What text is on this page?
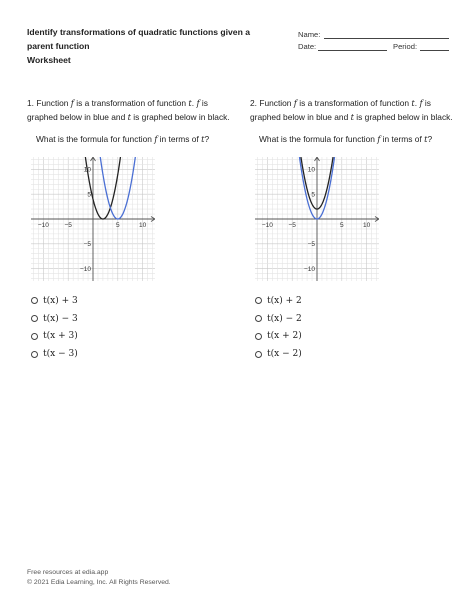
Identify transformations of quadratic functions given a parent function
Worksheet
Name:
Date:	Period:
1. Function f is a transformation of function t. f is graphed below in blue and t is graphed below in black.
What is the formula for function f in terms of t?
−10 −5	5	10
10
5
−5
−10
t(x) + 3
t(x) − 3
t(x + 3)
t(x − 3)
2. Function f is a transformation of function t. f is graphed below in blue and t is graphed below in black.
What is the formula for function f in terms of t?
−10 −5	5	10
10
5
−5
−10
t(x) + 2
t(x) − 2
t(x + 2)
t(x − 2)
Free resources at edia.app
© 2021 Edia Learning, Inc. All Rights Reserved.
